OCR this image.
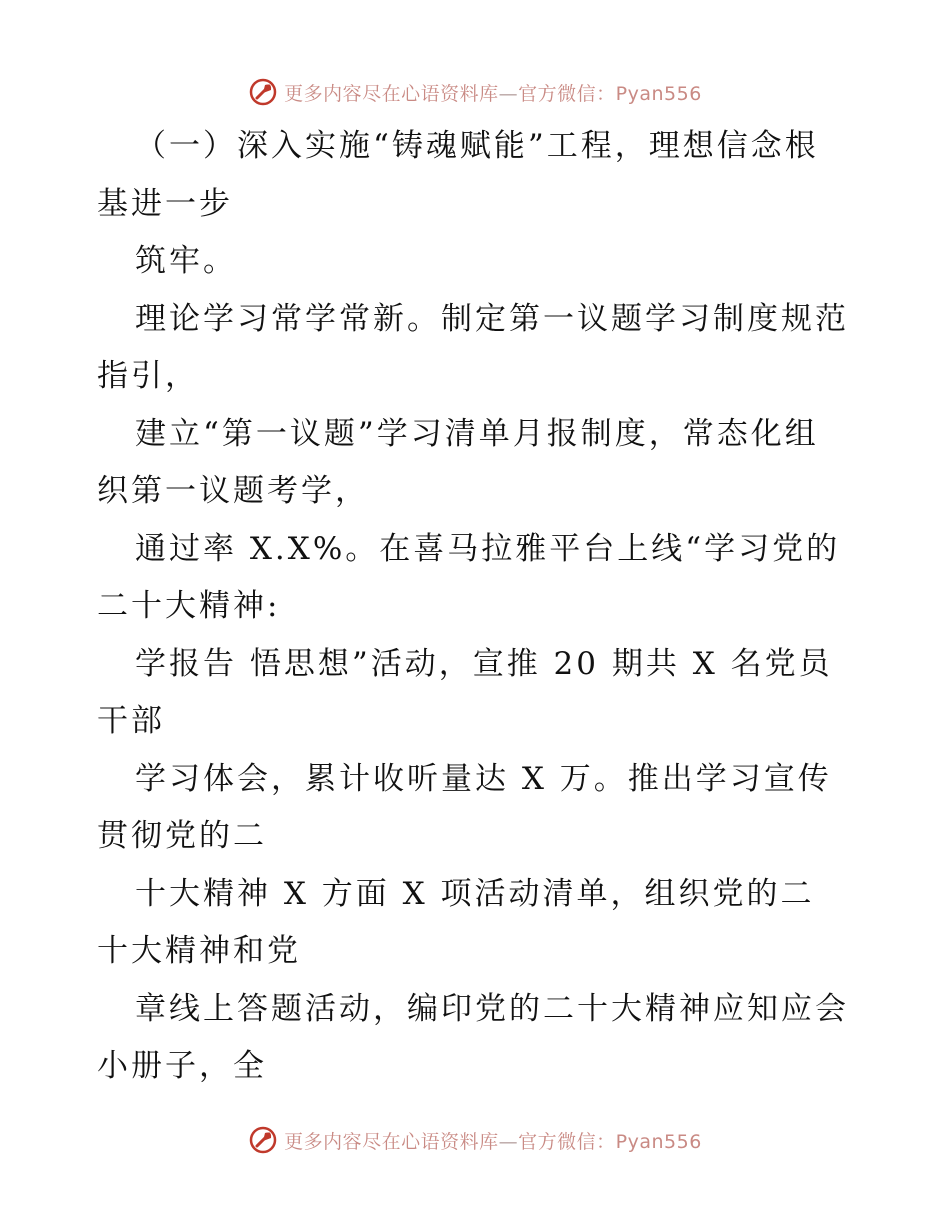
更多内容尽在心语资料库—官方微信：Pyan556
（一）深入实施“铸魂赋能”工程，理想信念根
基进一步
筑牢。
理论学习常学常新。制定第一议题学习制度规范
指引，
建立“第一议题”学习清单月报制度，常态化组
织第一议题考学，
通过率 X.X%。在喜马拉雅平台上线“学习党的
二十大精神:
学报告 悟思想”活动，宣推 20 期共 X 名党员
干部
学习体会，累计收听量达 X 万。推出学习宣传
贯彻党的二
十大精神 X 方面 X 项活动清单，组织党的二
十大精神和党
章线上答题活动，编印党的二十大精神应知应会
小册子，全
更多内容尽在心语资料库—官方微信：Pyan556
